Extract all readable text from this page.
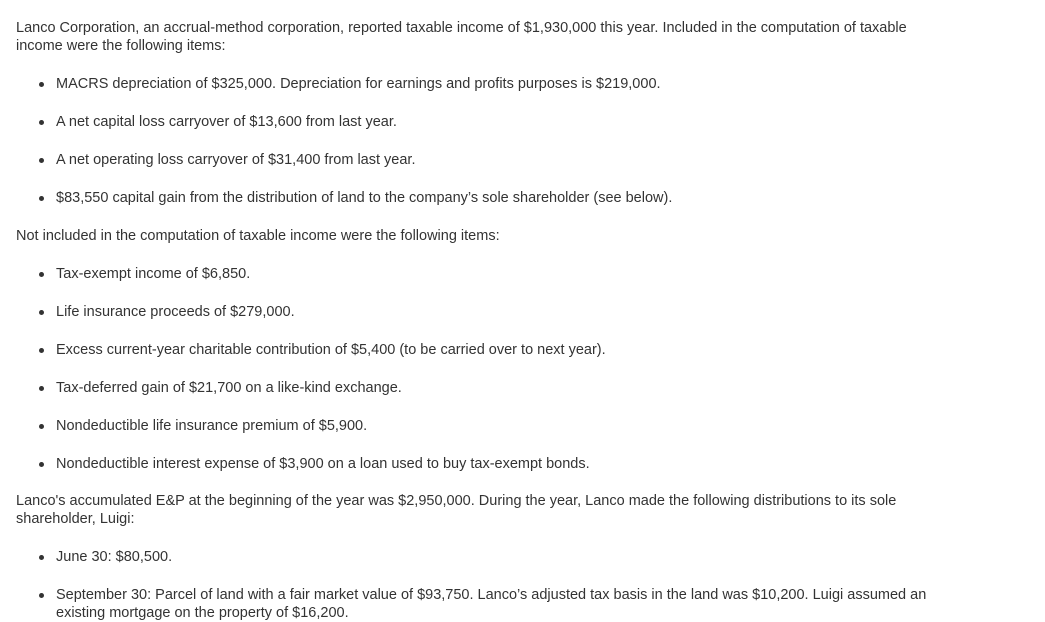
Lanco Corporation, an accrual-method corporation, reported taxable income of $1,930,000 this year. Included in the computation of taxable income were the following items:

MACRS depreciation of $325,000. Depreciation for earnings and profits purposes is $219,000.
A net capital loss carryover of $13,600 from last year.
A net operating loss carryover of $31,400 from last year.
$83,550 capital gain from the distribution of land to the company’s sole shareholder (see below).

Not included in the computation of taxable income were the following items:

Tax-exempt income of $6,850.
Life insurance proceeds of $279,000.
Excess current-year charitable contribution of $5,400 (to be carried over to next year).
Tax-deferred gain of $21,700 on a like-kind exchange.
Nondeductible life insurance premium of $5,900.
Nondeductible interest expense of $3,900 on a loan used to buy tax-exempt bonds.

Lanco's accumulated E&P at the beginning of the year was $2,950,000. During the year, Lanco made the following distributions to its sole shareholder, Luigi:

June 30: $80,500.
September 30: Parcel of land with a fair market value of $93,750. Lanco’s adjusted tax basis in the land was $10,200. Luigi assumed an existing mortgage on the property of $16,200.
